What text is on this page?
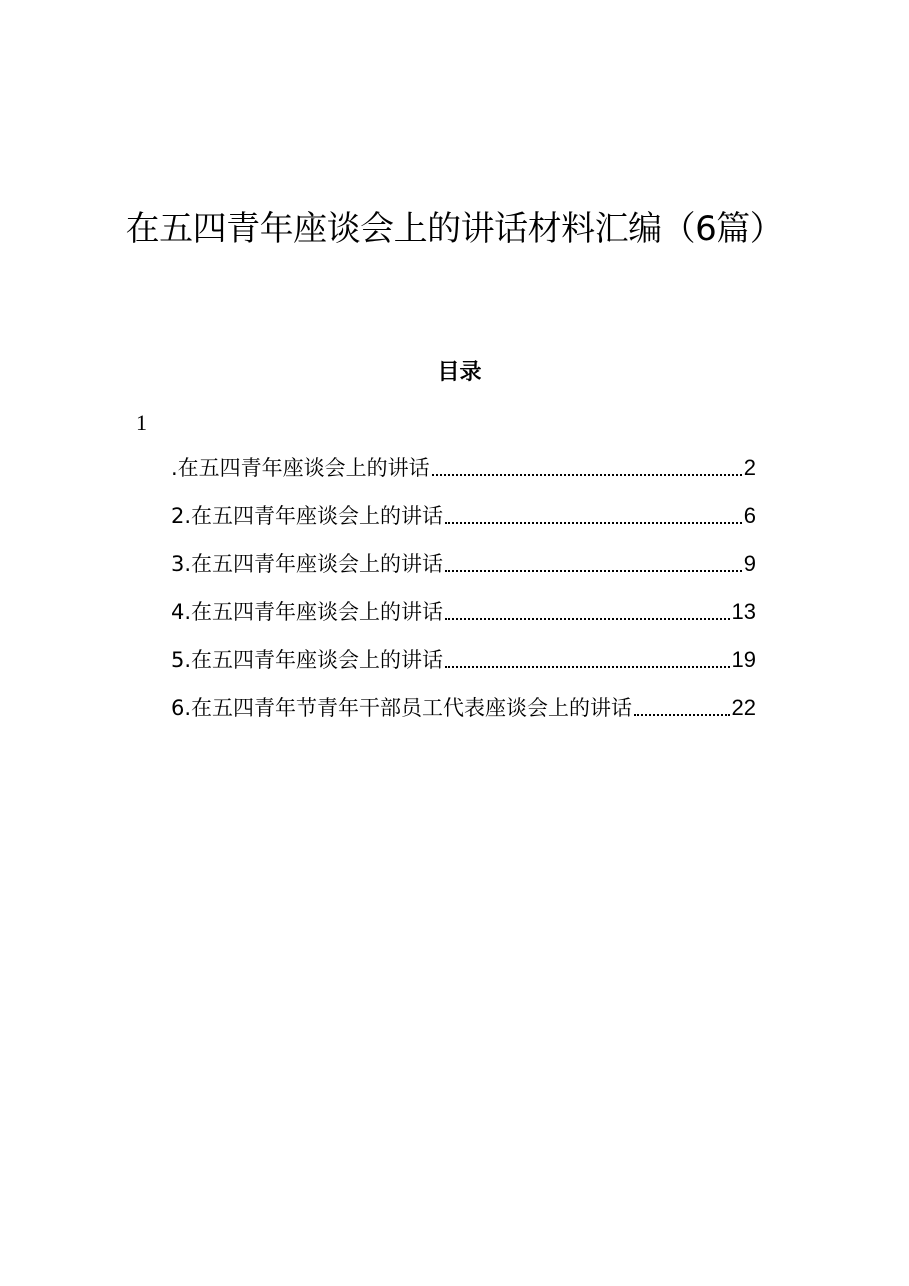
在五四青年座谈会上的讲话材料汇编（6篇）
目录
1
.在五四青年座谈会上的讲话	2
2.在五四青年座谈会上的讲话	6
3.在五四青年座谈会上的讲话	9
4.在五四青年座谈会上的讲话	13
5.在五四青年座谈会上的讲话	19
6.在五四青年节青年干部员工代表座谈会上的讲话	22
